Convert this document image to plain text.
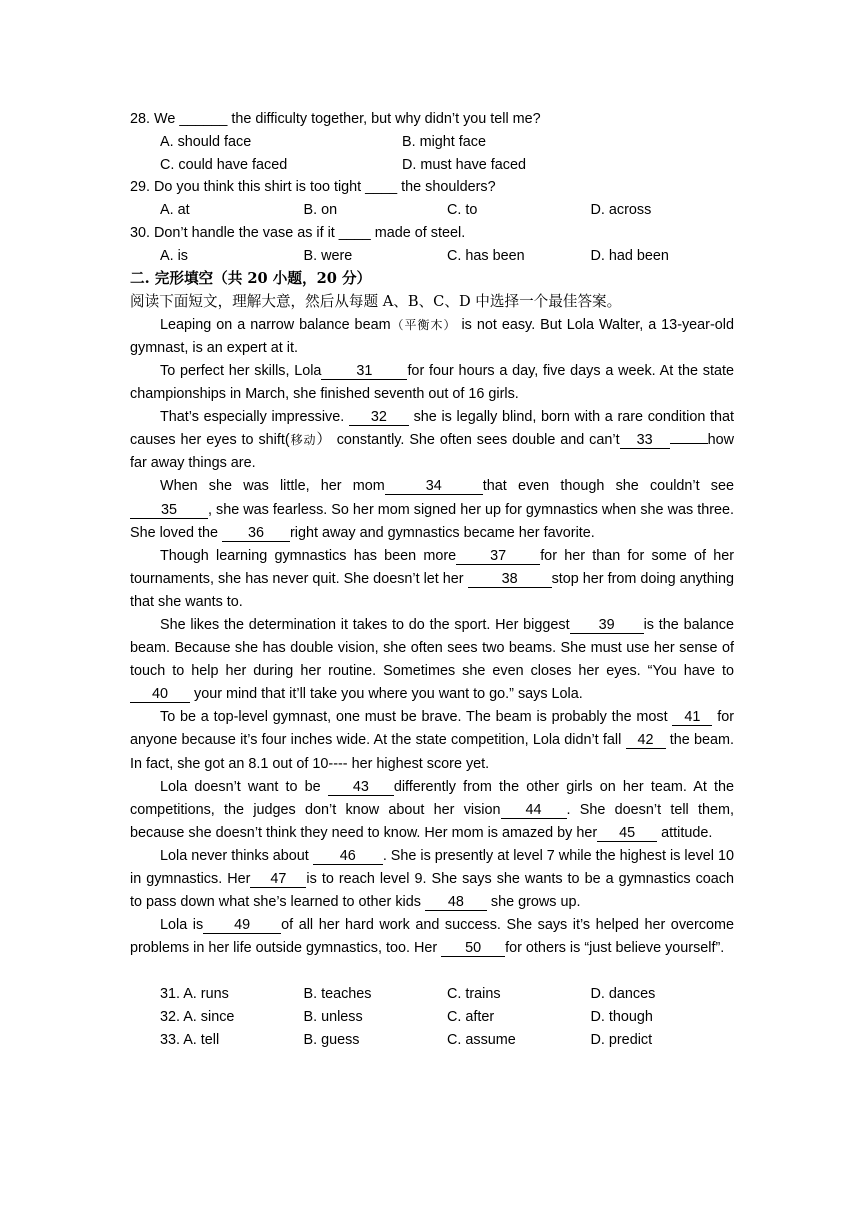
28. We ______ the difficulty together, but why didn’t you tell me?
A. should face	B. might face
C. could have faced	D. must have faced
29. Do you think this shirt is too tight ____ the shoulders?
A. at	B. on	C. to	D. across
30. Don’t handle the vase as if it ____ made of steel.
A. is	B. were	C. has been	D. had been
二. 完形填空（共 20 小题，20 分）
阅读下面短文，理解大意，然后从每题 A、B、C、D 中选择一个最佳答案。

Leaping on a narrow balance beam（平衡木） is not easy. But Lola Walter, a 13-year-old gymnast, is an expert at it.

To perfect her skills, Lola 31 for four hours a day, five days a week. At the state championships in March, she finished seventh out of 16 girls.

That’s especially impressive. 32 she is legally blind, born with a rare condition that causes her eyes to shift(移动） constantly. She often sees double and can’t 33	how far away things are.

When she was little, her mom	34	that even though she couldn’t see 35 , she was fearless. So her mom signed her up for gymnastics when she was three. She loved the 36 right away and gymnastics became her favorite.

Though learning gymnastics has been more 37 for her than for some of her tournaments, she has never quit. She doesn’t let her 38 stop her from doing anything that she wants to.

She likes the determination it takes to do the sport. Her biggest 39 is the balance beam. Because she has double vision, she often sees two beams. She must use her sense of touch to help her during her routine. Sometimes she even closes her eyes. “You have to 40 your mind that it’ll take you where you want to go.” says Lola.

To be a top-level gymnast, one must be brave. The beam is probably the most 41 for anyone because it’s four inches wide. At the state competition, Lola didn’t fall 42 the beam. In fact, she got an 8.1 out of 10---- her highest score yet.

Lola doesn’t want to be 43 differently from the other girls on her team. At the competitions, the judges don’t know about her vision 44 . She doesn’t tell them, because she doesn’t think they need to know. Her mom is amazed by her 45 attitude.

Lola never thinks about 46 . She is presently at level 7 while the highest is level 10 in gymnastics. Her 47 is to reach level 9. She says she wants to be a gymnastics coach to pass down what she’s learned to other kids 48 she grows up.

Lola is 49 of all her hard work and success. She says it’s helped her overcome problems in her life outside gymnastics, too. Her 50 for others is “just believe yourself”.

31. A. runs	B. teaches	C. trains	D. dances
32. A. since	B. unless	C. after	D. though
33. A. tell	B. guess	C. assume	D. predict
